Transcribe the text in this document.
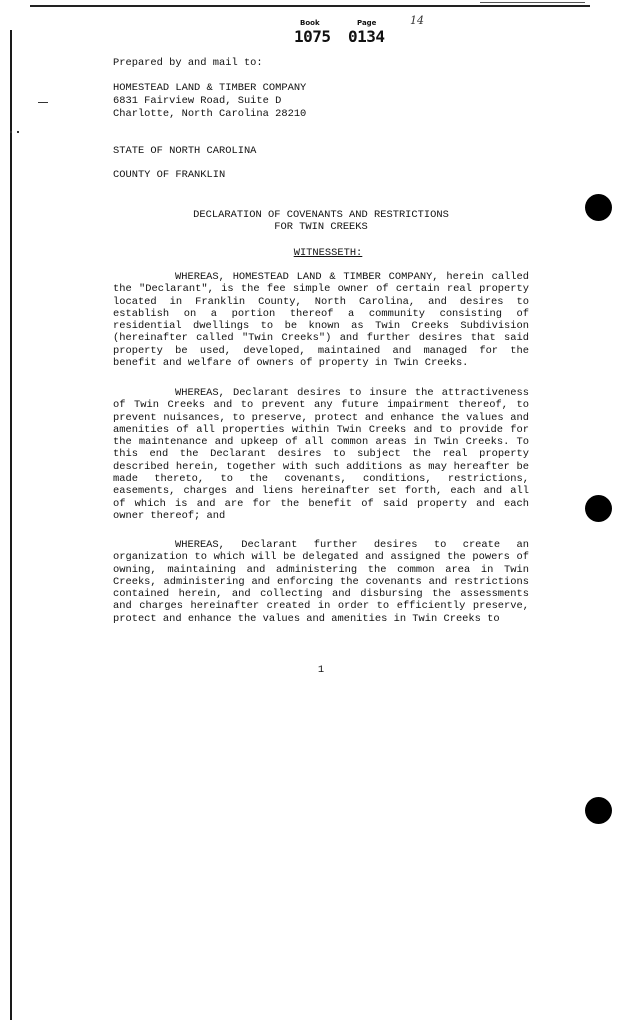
Book	Page
1075 0134
14
Prepared by and mail to:
HOMESTEAD LAND & TIMBER COMPANY
6831 Fairview Road, Suite D
Charlotte, North Carolina 28210
STATE OF NORTH CAROLINA
COUNTY OF FRANKLIN
DECLARATION OF COVENANTS AND RESTRICTIONS
FOR TWIN CREEKS
WITNESSETH:
WHEREAS, HOMESTEAD LAND & TIMBER COMPANY, herein called the "Declarant", is the fee simple owner of certain real property located in Franklin County, North Carolina, and desires to establish on a portion thereof a community consisting of residential dwellings to be known as Twin Creeks Subdivision (hereinafter called "Twin Creeks") and further desires that said property be used, developed, maintained and managed for the benefit and welfare of owners of property in Twin Creeks.
WHEREAS, Declarant desires to insure the attractiveness of Twin Creeks and to prevent any future impairment thereof, to prevent nuisances, to preserve, protect and enhance the values and amenities of all properties within Twin Creeks and to provide for the maintenance and upkeep of all common areas in Twin Creeks. To this end the Declarant desires to subject the real property described herein, together with such additions as may hereafter be made thereto, to the covenants, conditions, restrictions, easements, charges and liens hereinafter set forth, each and all of which is and are for the benefit of said property and each owner thereof; and
WHEREAS, Declarant further desires to create an organization to which will be delegated and assigned the powers of owning, maintaining and administering the common area in Twin Creeks, administering and enforcing the covenants and restrictions contained herein, and collecting and disbursing the assessments and charges hereinafter created in order to efficiently preserve, protect and enhance the values and amenities in Twin Creeks to
1
